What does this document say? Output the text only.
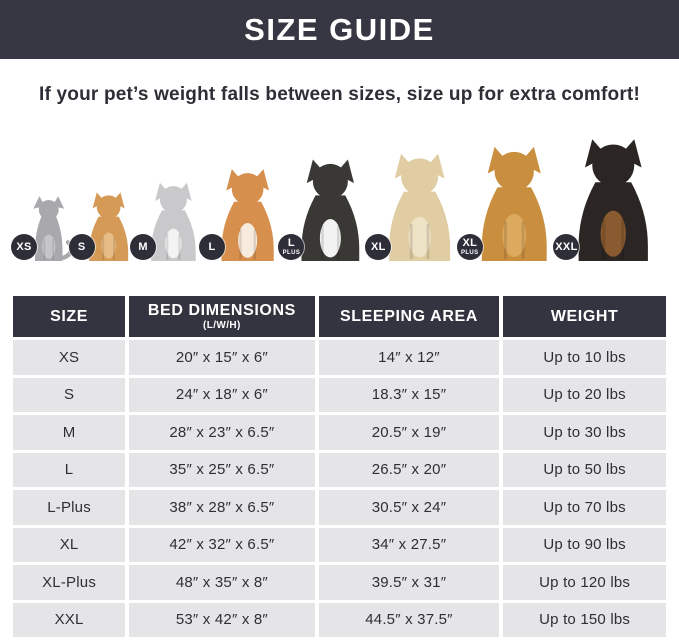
SIZE GUIDE

If your pet’s weight falls between sizes, size up for extra comfort!

XS	S	M	L	L
PLUS
XL	XL
PLUS
XXL
SIZE	BED DIMENSIONS
(L/W/H)
SLEEPING AREA	WEIGHT
XS	20″ x 15″ x 6″	14″ x 12″	Up to 10 lbs
S	24″ x 18″ x 6″	18.3″ x 15″	Up to 20 lbs
M	28″ x 23″ x 6.5″	20.5″ x 19″	Up to 30 lbs
L	35″ x 25″ x 6.5″	26.5″ x 20″	Up to 50 lbs
L-Plus	38″ x 28″ x 6.5″	30.5″ x 24″	Up to 70 lbs
XL	42″ x 32″ x 6.5″	34″ x 27.5″	Up to 90 lbs
XL-Plus	48″ x 35″ x 8″	39.5″ x 31″	Up to 120 lbs
XXL	53″ x 42″ x 8″	44.5″ x 37.5″	Up to 150 lbs
